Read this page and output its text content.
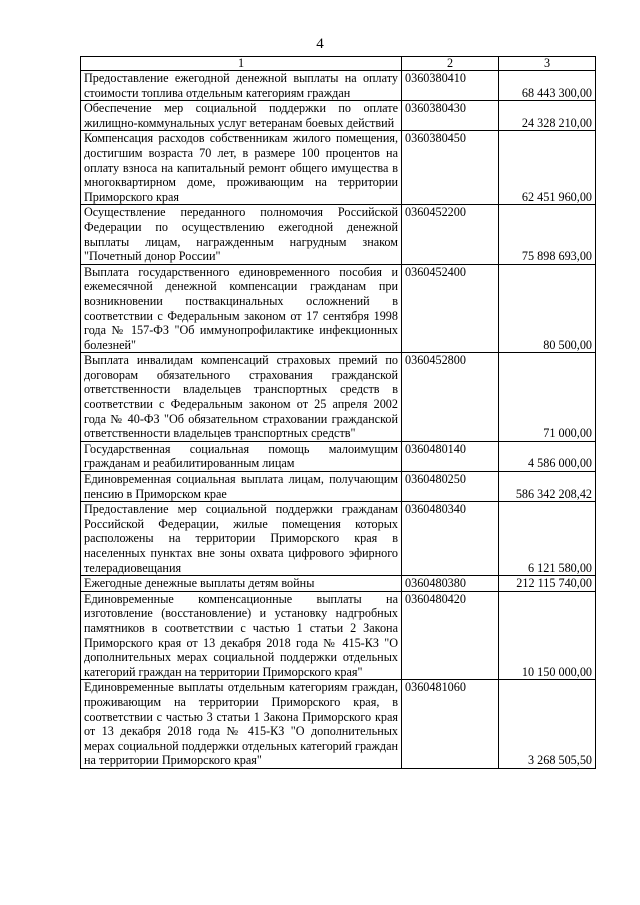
4
1	2	3
Предоставление ежегодной денежной выплаты на оплату стоимости топлива отдельным категориям граждан	0360380410	68 443 300,00
Обеспечение мер социальной поддержки по оплате жилищно-коммунальных услуг ветеранам боевых действий	0360380430	24 328 210,00
Компенсация расходов собственникам жилого помещения, достигшим возраста 70 лет, в размере 100 процентов на оплату взноса на капитальный ремонт общего имущества в многоквартирном доме, проживающим на территории Приморского края	0360380450	62 451 960,00
Осуществление переданного полномочия Российской Федерации по осуществлению ежегодной денежной выплаты лицам, награжденным нагрудным знаком "Почетный донор России"	0360452200	75 898 693,00
Выплата государственного единовременного пособия и ежемесячной денежной компенсации гражданам при возникновении поствакцинальных осложнений в соответствии с Федеральным законом от 17 сентября 1998 года № 157-ФЗ "Об иммунопрофилактике инфекционных болезней"	0360452400	80 500,00
Выплата инвалидам компенсаций страховых премий по договорам обязательного страхования гражданской ответственности владельцев транспортных средств в соответствии с Федеральным законом от 25 апреля 2002 года № 40-ФЗ "Об обязательном страховании гражданской ответственности владельцев транспортных средств"	0360452800	71 000,00
Государственная социальная помощь малоимущим гражданам и реабилитированным лицам	0360480140	4 586 000,00
Единовременная социальная выплата лицам, получающим пенсию в Приморском крае	0360480250	586 342 208,42
Предоставление мер социальной поддержки гражданам Российской Федерации, жилые помещения которых расположены на территории Приморского края в населенных пунктах вне зоны охвата цифрового эфирного телерадиовещания	0360480340	6 121 580,00
Ежегодные денежные выплаты детям войны	0360480380	212 115 740,00
Единовременные компенсационные выплаты на изготовление (восстановление) и установку надгробных памятников в соответствии с частью 1 статьи 2 Закона Приморского края от 13 декабря 2018 года № 415-КЗ "О дополнительных мерах социальной поддержки отдельных категорий граждан на территории Приморского края"	0360480420	10 150 000,00
Единовременные выплаты отдельным категориям граждан, проживающим на территории Приморского края, в соответствии с частью 3 статьи 1 Закона Приморского края от 13 декабря 2018 года № 415-КЗ "О дополнительных мерах социальной поддержки отдельных категорий граждан на территории Приморского края"	0360481060	3 268 505,50
